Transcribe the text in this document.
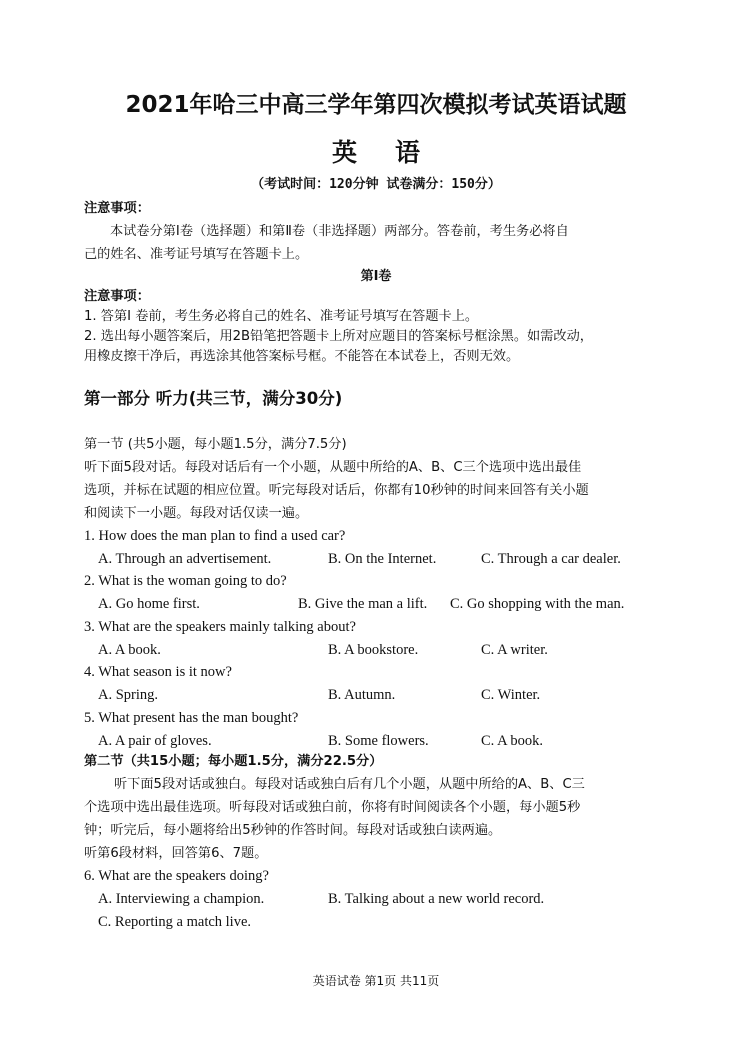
2021年哈三中高三学年第四次模拟考试英语试题
英语
（考试时间：120分钟 试卷满分：150分）
注意事项：
本试卷分第Ⅰ卷（选择题）和第Ⅱ卷（非选择题）两部分。答卷前，考生务必将自
己的姓名、准考证号填写在答题卡上。
第Ⅰ卷
注意事项：
1. 答第Ⅰ 卷前，考生务必将自己的姓名、准考证号填写在答题卡上。
2. 选出每小题答案后，用2B铅笔把答题卡上所对应题目的答案标号框涂黑。如需改动，
用橡皮擦干净后，再选涂其他答案标号框。不能答在本试卷上，否则无效。
第一部分 听力(共三节，满分30分)
第一节 (共5小题，每小题1.5分，满分7.5分)
听下面5段对话。每段对话后有一个小题，从题中所给的A、B、C三个选项中选出最佳
选项，并标在试题的相应位置。听完每段对话后，你都有10秒钟的时间来回答有关小题
和阅读下一小题。每段对话仅读一遍。
1. How does the man plan to find a used car?
A. Through an advertisement.	B. On the Internet.	C. Through a car dealer.
2. What is the woman going to do?
A. Go home first.	B. Give the man a lift. C. Go shopping with the man.
3. What are the speakers mainly talking about?
A. A book.	B. A bookstore.	C. A writer.
4. What season is it now?
A. Spring.	B. Autumn.	C. Winter.
5. What present has the man bought?
A. A pair of gloves.	B. Some flowers.	C. A book.
第二节（共15小题；每小题1.5分，满分22.5分）
听下面5段对话或独白。每段对话或独白后有几个小题，从题中所给的A、B、C三
个选项中选出最佳选项。听每段对话或独白前，你将有时间阅读各个小题，每小题5秒
钟；听完后，每小题将给出5秒钟的作答时间。每段对话或独白读两遍。
听第6段材料，回答第6、7题。
6. What are the speakers doing?
A. Interviewing a champion.	B. Talking about a new world record.
C. Reporting a match live.
英语试卷 第1页 共11页
